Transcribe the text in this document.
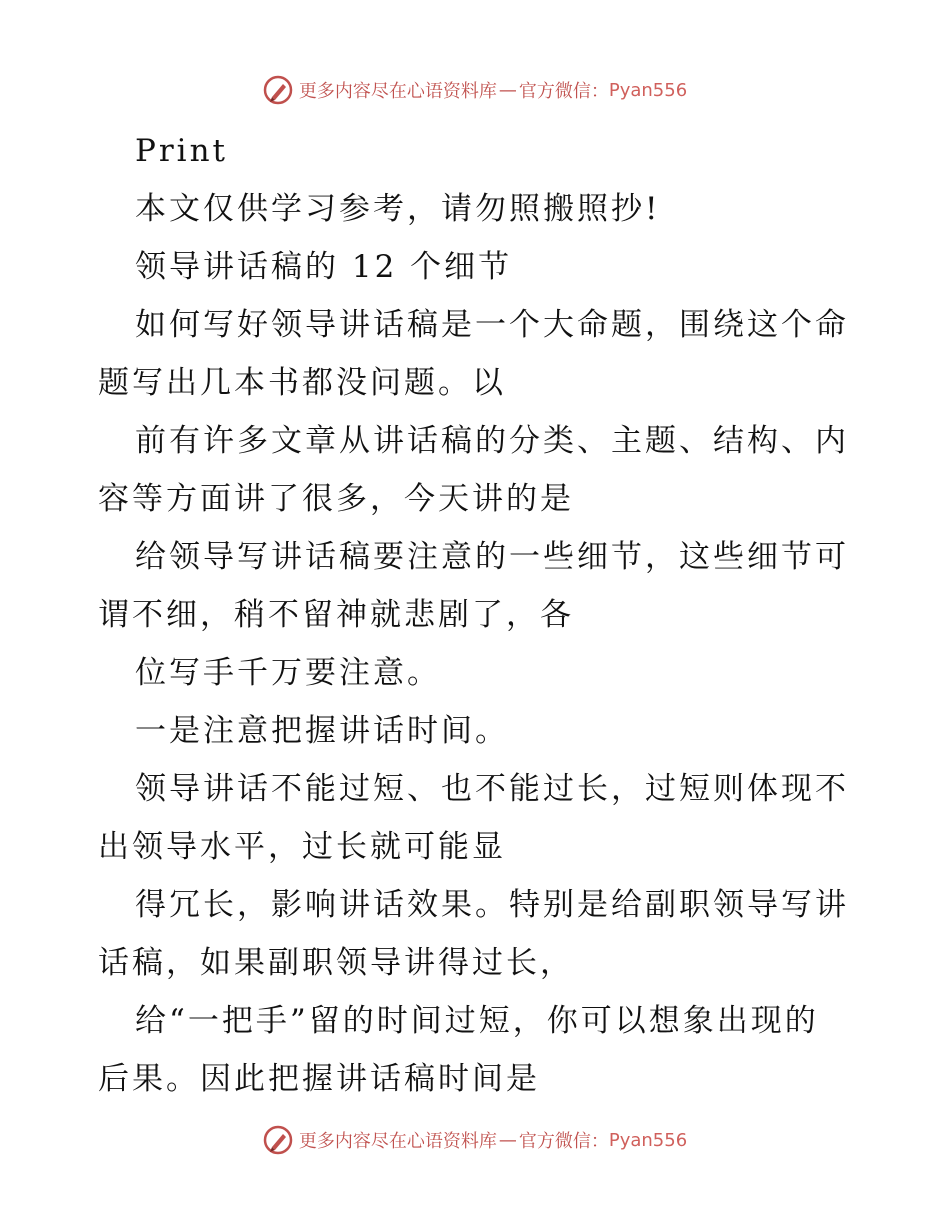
更多内容尽在心语资料库 — 官方微信： Pyan556

Print

本文仅供学习参考，请勿照搬照抄!

领导讲话稿的 12 个细节

如何写好领导讲话稿是一个大命题，围绕这个命
题写出几本书都没问题。以

前有许多文章从讲话稿的分类、主题、结构、内
容等方面讲了很多，今天讲的是

给领导写讲话稿要注意的一些细节，这些细节可
谓不细，稍不留神就悲剧了，各

位写手千万要注意。

一是注意把握讲话时间。

领导讲话不能过短、也不能过长，过短则体现不
出领导水平，过长就可能显

得冗长，影响讲话效果。特别是给副职领导写讲
话稿，如果副职领导讲得过长，

给“一把手”留的时间过短，你可以想象出现的
后果。因此把握讲话稿时间是

更多内容尽在心语资料库 — 官方微信： Pyan556
